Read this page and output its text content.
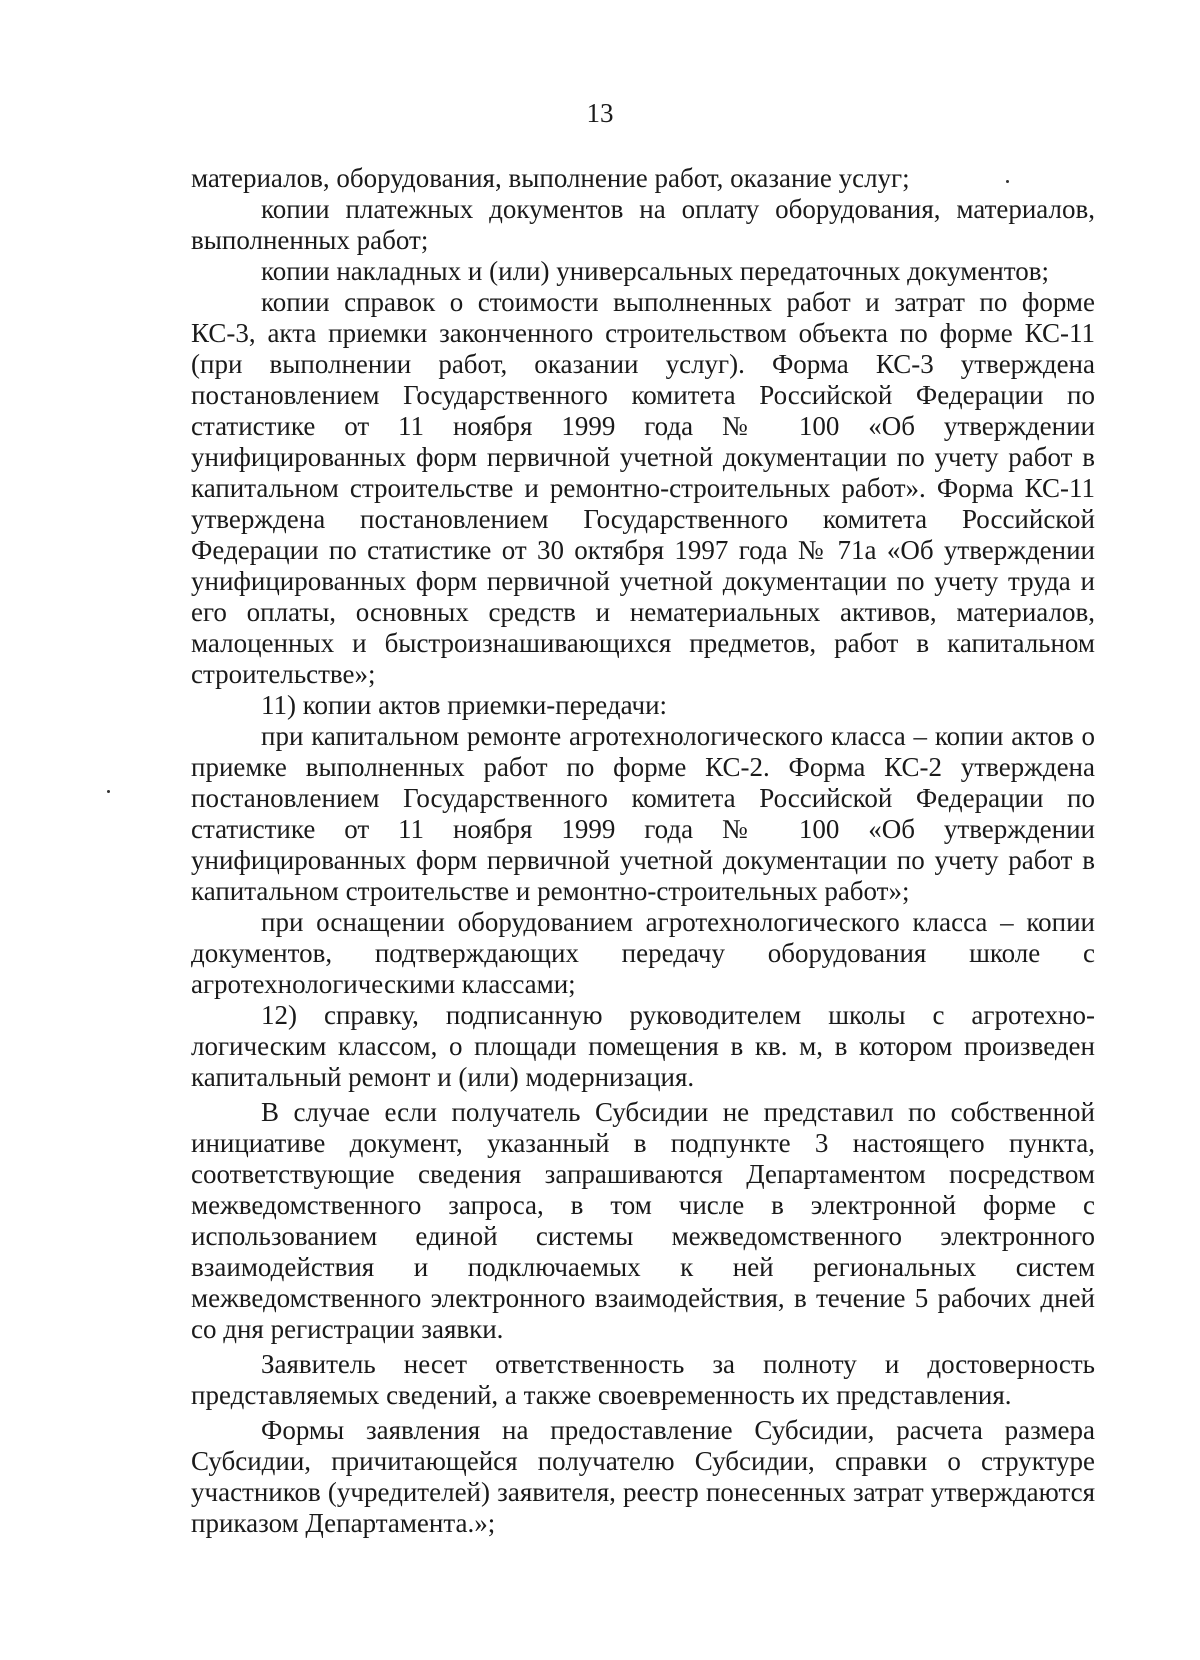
13

материалов, оборудования, выполнение работ, оказание услуг;

копии платежных документов на оплату оборудования, материалов, выполненных работ;

копии накладных и (или) универсальных передаточных документов;

копии справок о стоимости выполненных работ и затрат по форме КС-3, акта приемки законченного строительством объекта по форме КС-11 (при выполнении работ, оказании услуг). Форма КС-3 утверждена постановлением Государственного комитета Российской Федерации по статистике от 11 ноября 1999 года № 100 «Об утверждении унифицированных форм первичной учетной документации по учету работ в капитальном строительстве и ремонтно-строительных работ». Форма КС-11 утверждена постановлением Государственного комитета Российской Федерации по статистике от 30 октября 1997 года № 71а «Об утверждении унифицированных форм первичной учетной документации по учету труда и его оплаты, основных средств и нематериальных активов, материалов, малоценных и быстроизнашивающихся предметов, работ в капитальном строительстве»;

11) копии актов приемки-передачи:

при капитальном ремонте агротехнологического класса – копии актов о приемке выполненных работ по форме КС-2. Форма КС-2 утверждена постановлением Государственного комитета Российской Федерации по статистике от 11 ноября 1999 года № 100 «Об утверждении унифицированных форм первичной учетной документации по учету работ в капитальном строительстве и ремонтно-строительных работ»;

при оснащении оборудованием агротехнологического класса – копии документов, подтверждающих передачу оборудования школе с агротехнологическими классами;

12) справку, подписанную руководителем школы с агротехно-логическим классом, о площади помещения в кв. м, в котором произведен капитальный ремонт и (или) модернизация.

В случае если получатель Субсидии не представил по собственной инициативе документ, указанный в подпункте 3 настоящего пункта, соответствующие сведения запрашиваются Департаментом посредством межведомственного запроса, в том числе в электронной форме с использованием единой системы межведомственного электронного взаимодействия и подключаемых к ней региональных систем межведомственного электронного взаимодействия, в течение 5 рабочих дней со дня регистрации заявки.

Заявитель несет ответственность за полноту и достоверность представляемых сведений, а также своевременность их представления.

Формы заявления на предоставление Субсидии, расчета размера Субсидии, причитающейся получателю Субсидии, справки о структуре участников (учредителей) заявителя, реестр понесенных затрат утверждаются приказом Департамента.»;
